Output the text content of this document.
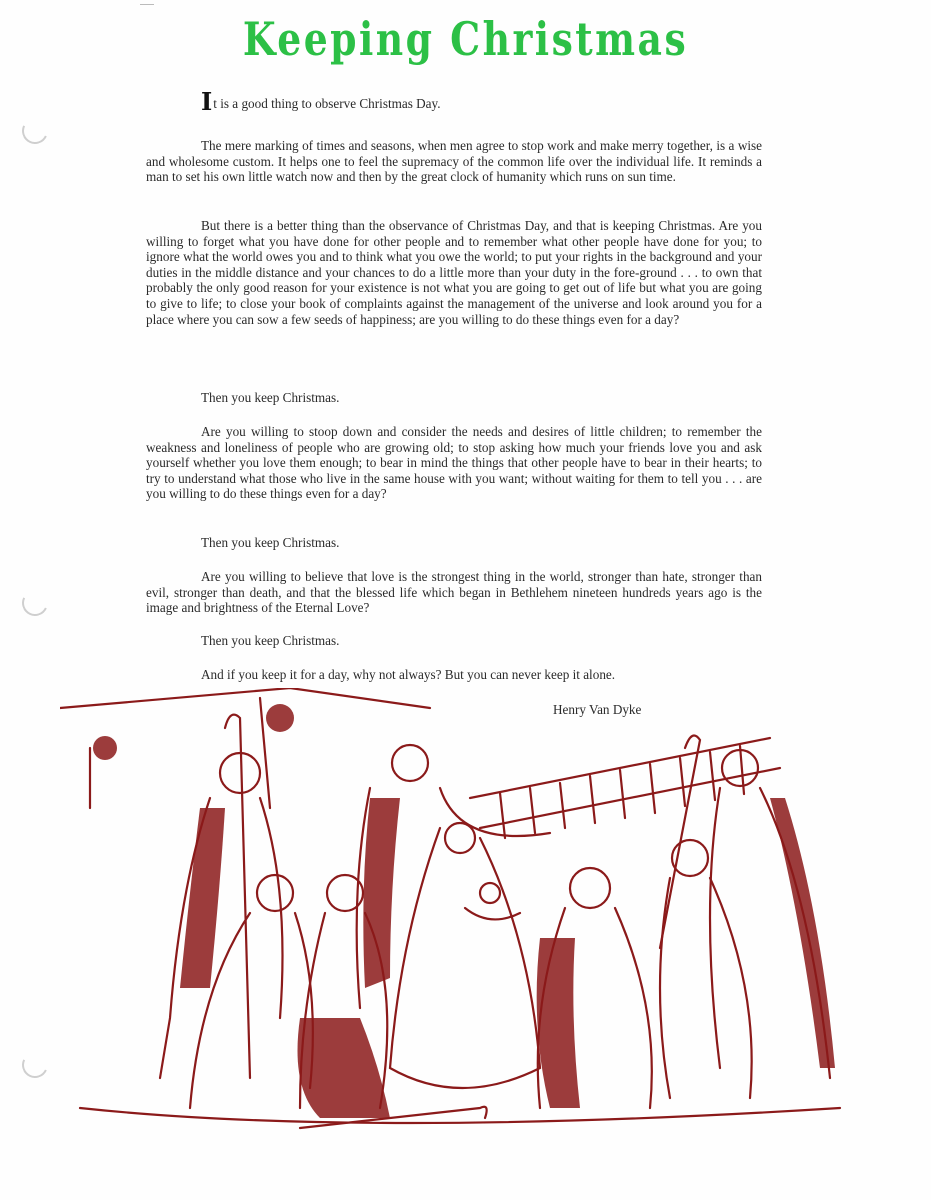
Keeping Christmas
It is a good thing to observe Christmas Day.

The mere marking of times and seasons, when men agree to stop work and make merry together, is a wise and wholesome custom. It helps one to feel the supremacy of the common life over the individual life. It reminds a man to set his own little watch now and then by the great clock of humanity which runs on sun time.

But there is a better thing than the observance of Christmas Day, and that is keeping Christmas. Are you willing to forget what you have done for other people and to remember what other people have done for you; to ignore what the world owes you and to think what you owe the world; to put your rights in the background and your duties in the middle distance and your chances to do a little more than your duty in the fore-ground . . . to own that probably the only good reason for your existence is not what you are going to get out of life but what you are going to give to life; to close your book of complaints against the management of the universe and look around you for a place where you can sow a few seeds of happiness; are you willing to do these things even for a day?

Then you keep Christmas.

Are you willing to stoop down and consider the needs and desires of little children; to remember the weakness and loneliness of people who are growing old; to stop asking how much your friends love you and ask yourself whether you love them enough; to bear in mind the things that other people have to bear in their hearts; to try to understand what those who live in the same house with you want; without waiting for them to tell you . . . are you willing to do these things even for a day?

Then you keep Christmas.

Are you willing to believe that love is the strongest thing in the world, stronger than hate, stronger than evil, stronger than death, and that the blessed life which began in Bethlehem nineteen hundreds years ago is the image and brightness of the Eternal Love?

Then you keep Christmas.

And if you keep it for a day, why not always? But you can never keep it alone.

Henry Van Dyke
